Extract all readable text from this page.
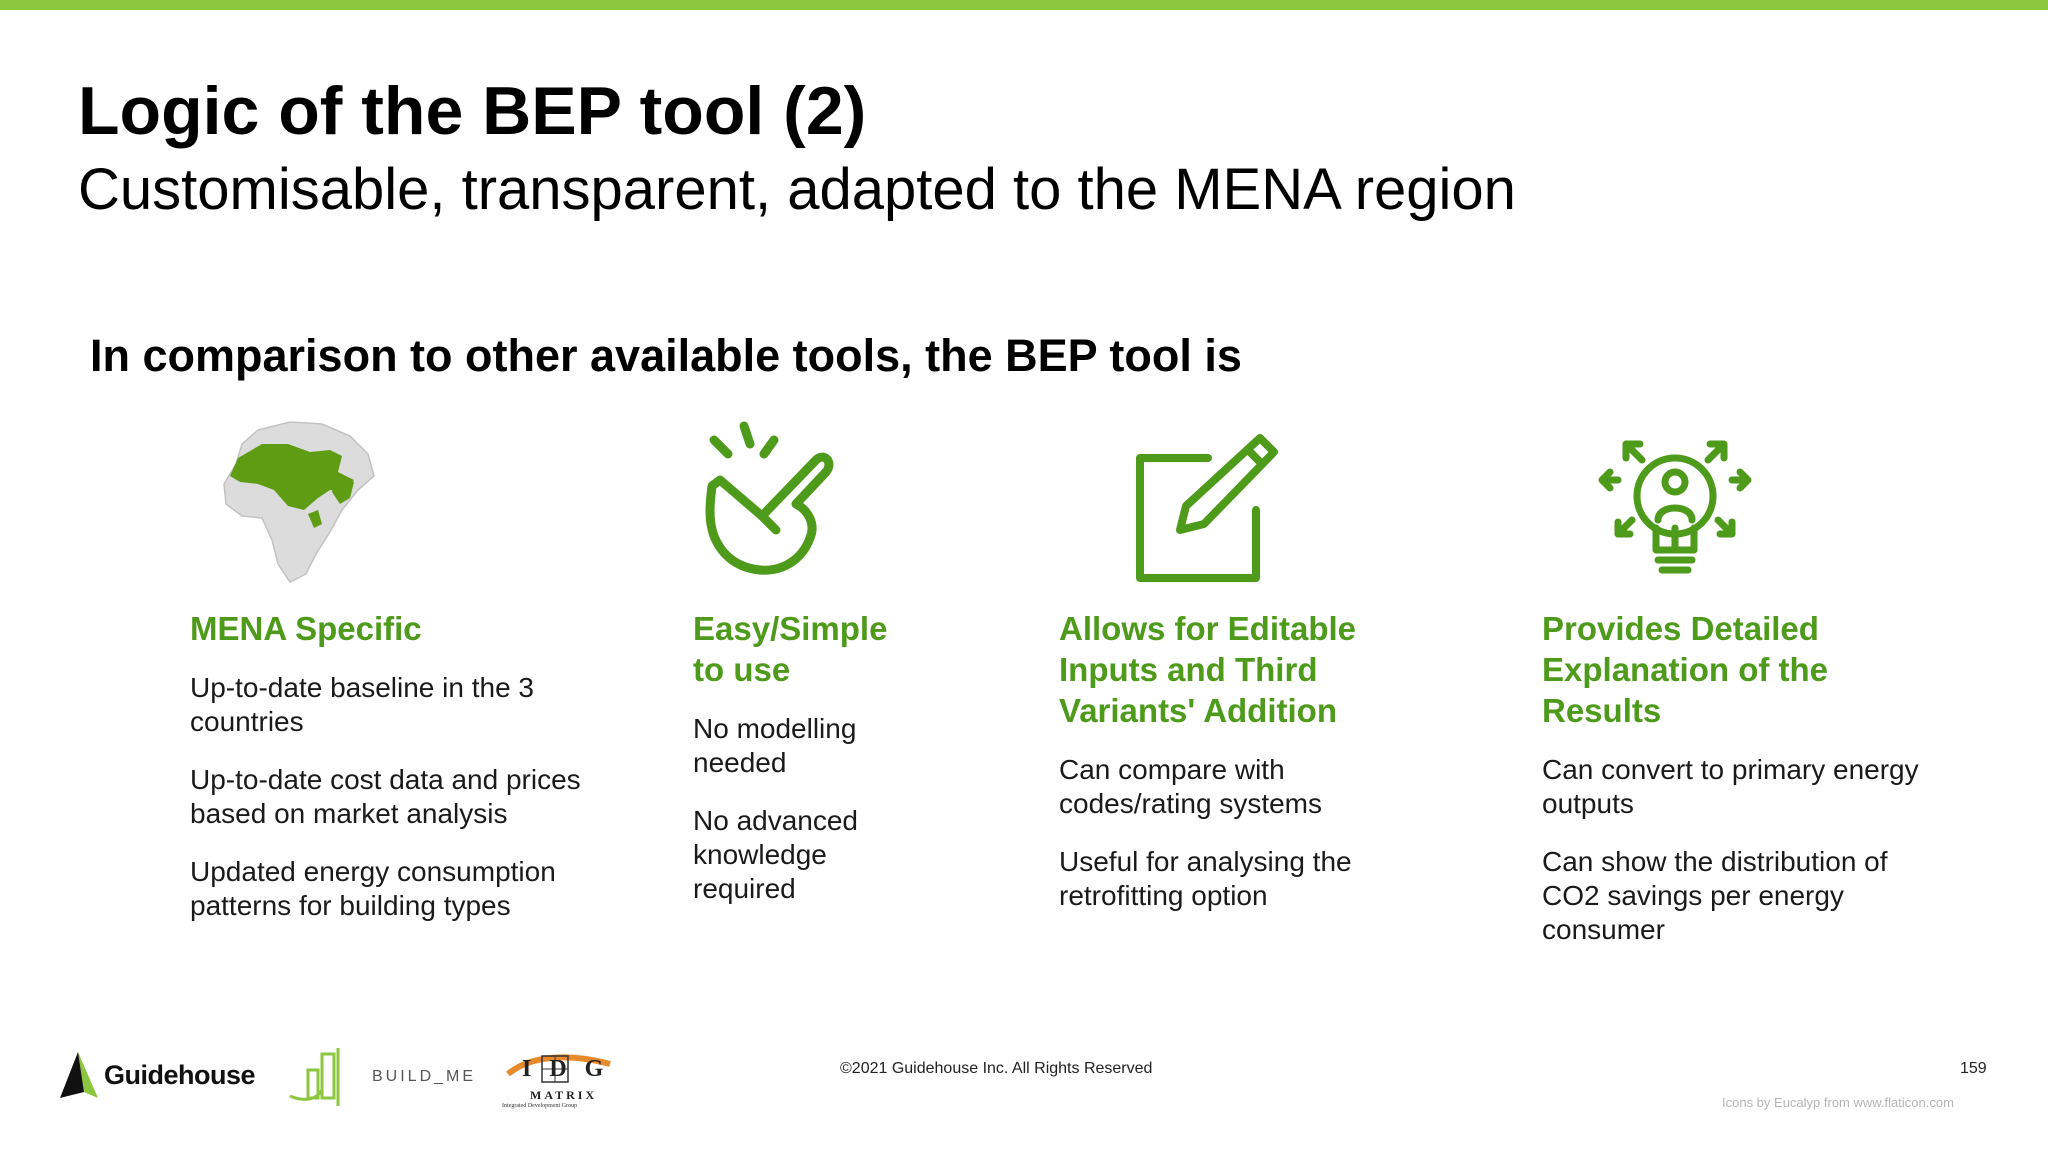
Logic of the BEP tool (2)
Customisable, transparent, adapted to the MENA region
In comparison to other available tools, the BEP tool is
MENA Specific

Up-to-date baseline in the 3 countries

Up-to-date cost data and prices based on market analysis

Updated energy consumption patterns for building types

Easy/Simple to use

No modelling needed

No advanced knowledge required

Allows for Editable Inputs and Third Variants' Addition

Can compare with codes/rating systems

Useful for analysing the retrofitting option

Provides Detailed Explanation of the Results

Can convert to primary energy outputs

Can show the distribution of CO2 savings per energy consumer

Guidehouse	BUILD_ME IDG
MATRIX
Integrated Development Group
©2021 Guidehouse Inc. All Rights Reserved	159
Icons by Eucalyp from www.flaticon.com
